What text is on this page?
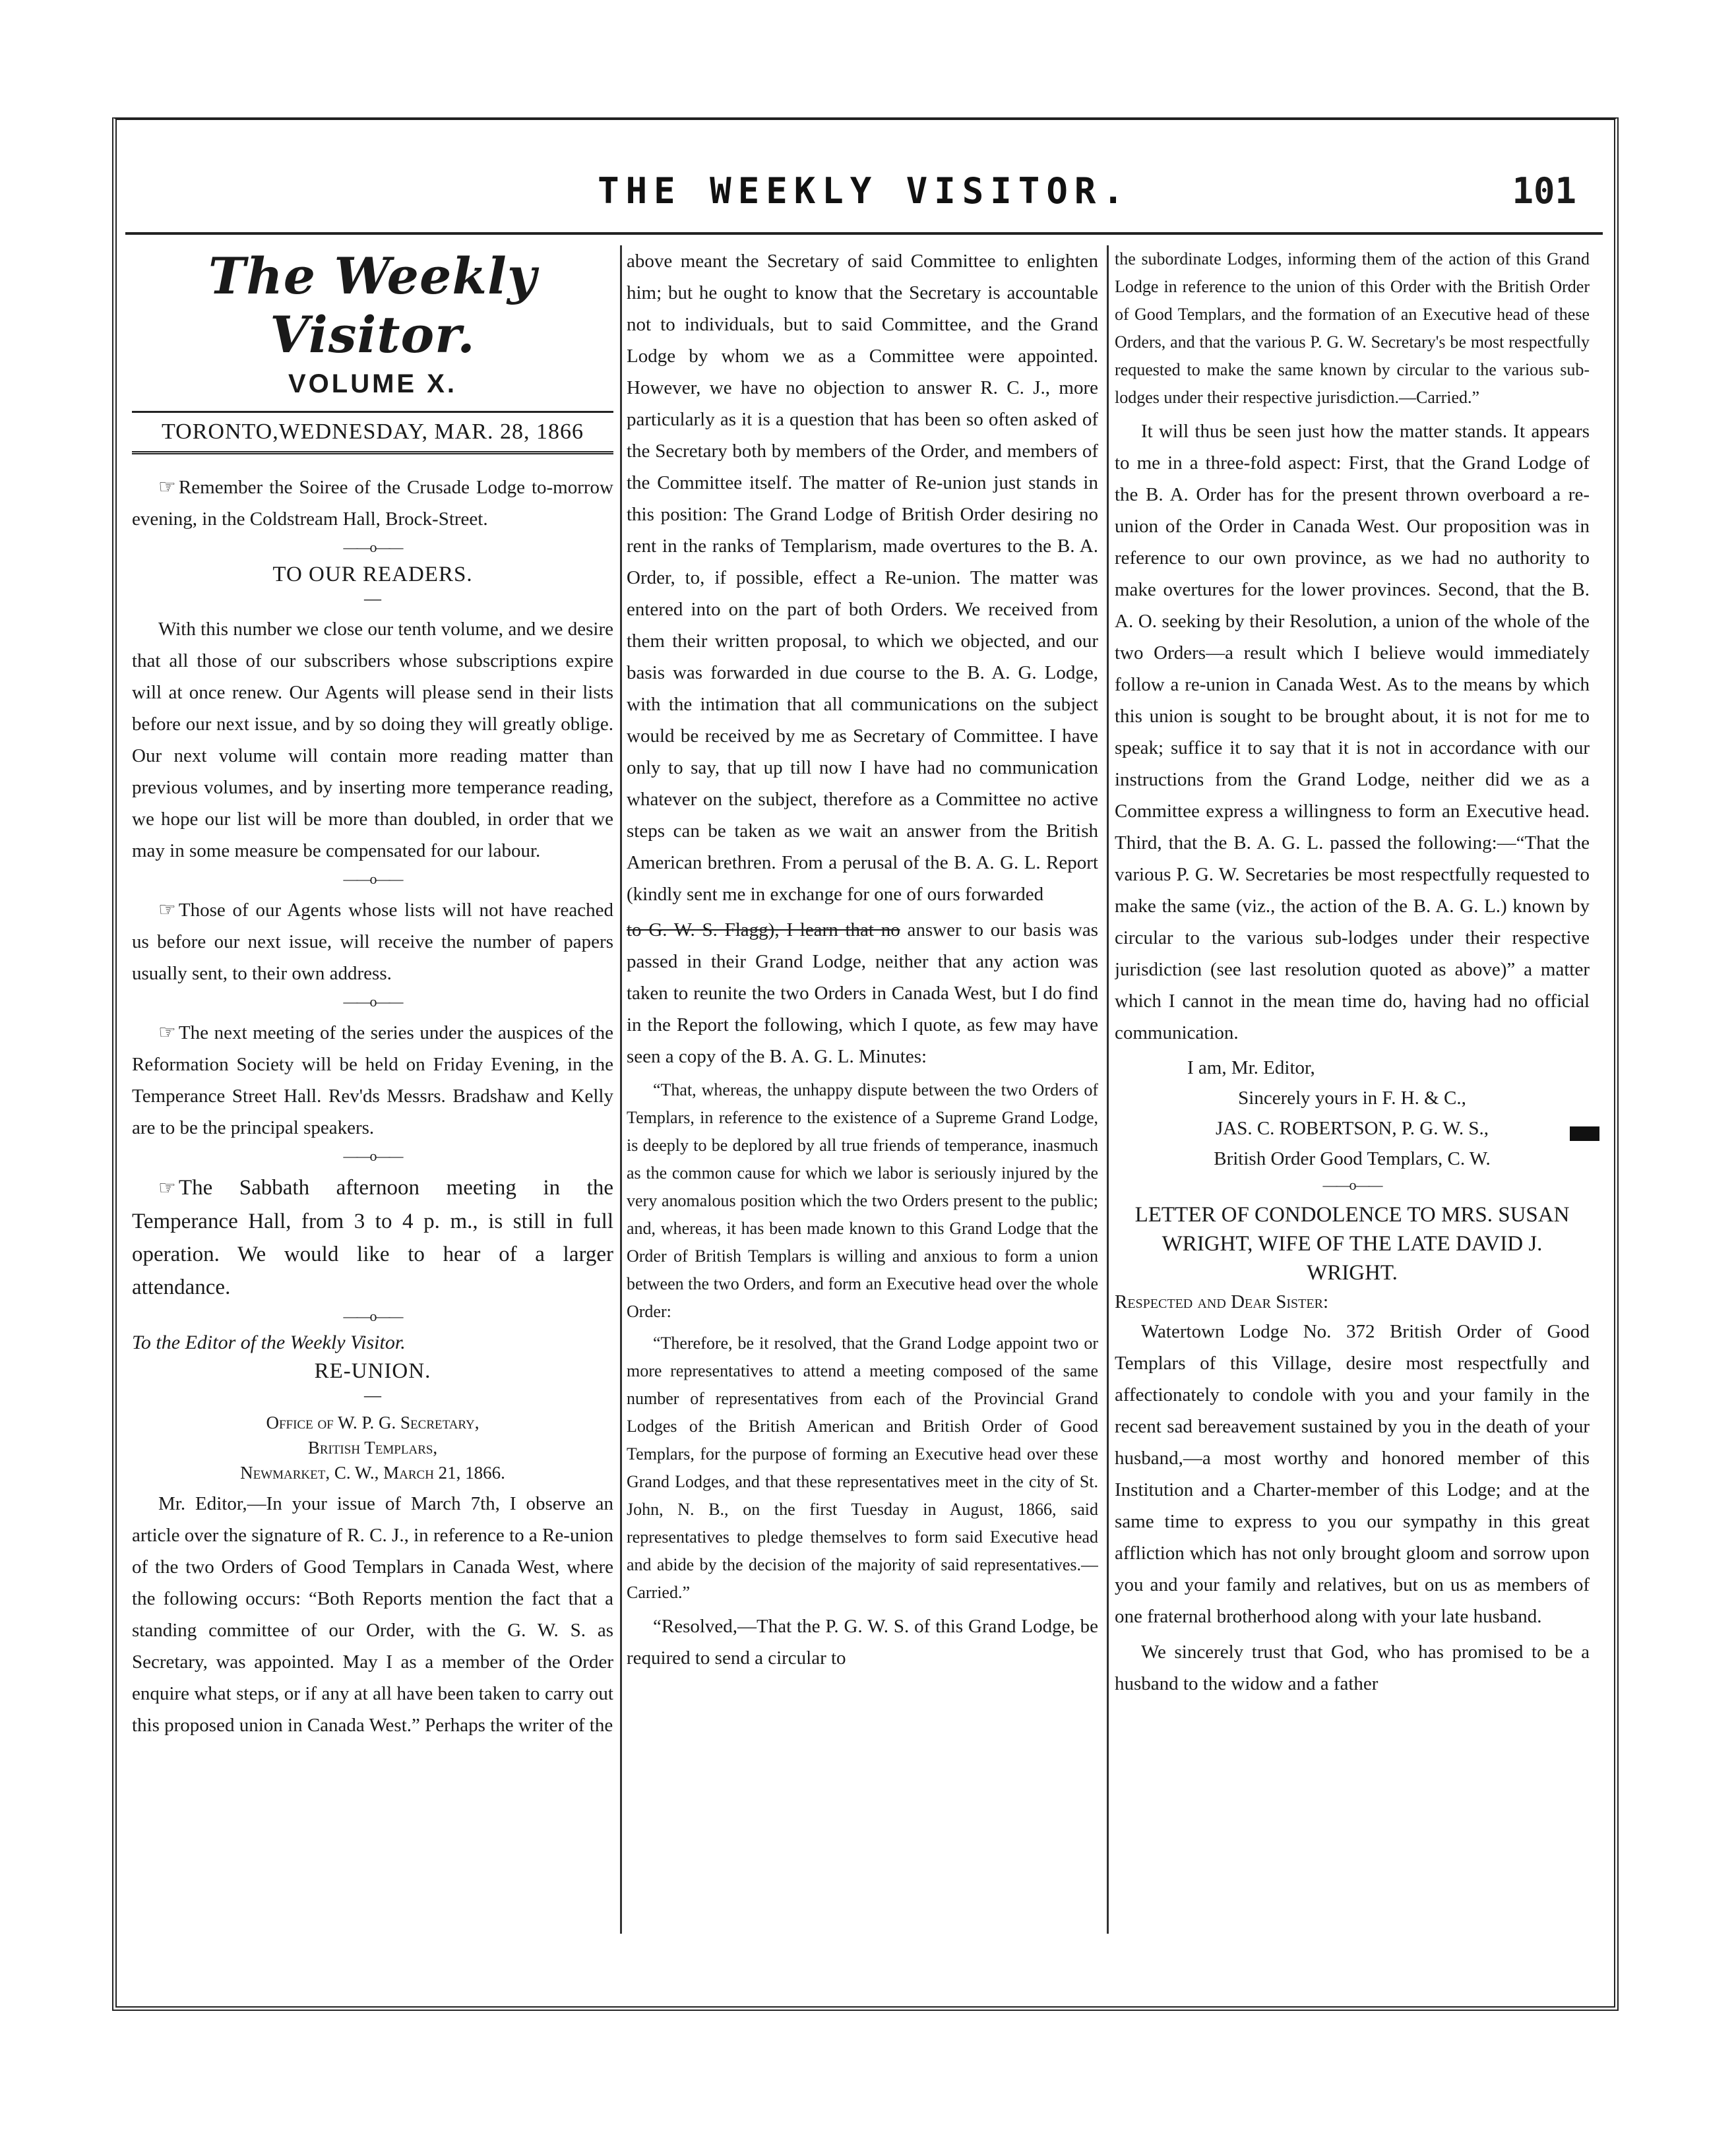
THE WEEKLY VISITOR.	101
The Weekly Visitor.
VOLUME X.
TORONTO,WEDNESDAY, MAR. 28, 1866

☞ Remember the Soiree of the Crusade Lodge to-morrow evening, in the Coldstream Hall, Brock-Street.

——o——
TO OUR READERS.
—

With this number we close our tenth volume, and we desire that all those of our subscribers whose subscriptions expire will at once renew. Our Agents will please send in their lists before our next issue, and by so doing they will greatly oblige. Our next volume will contain more reading matter than previous volumes, and by inserting more temperance reading, we hope our list will be more than doubled, in order that we may in some measure be compensated for our labour.

——o——

☞ Those of our Agents whose lists will not have reached us before our next issue, will receive the number of papers usually sent, to their own address.

——o——

☞ The next meeting of the series under the auspices of the Reformation Society will be held on Friday Evening, in the Temperance Street Hall. Rev'ds Messrs. Bradshaw and Kelly are to be the principal speakers.

——o——

☞ The Sabbath afternoon meeting in the Temperance Hall, from 3 to 4 p. m., is still in full operation. We would like to hear of a larger attendance.

——o——
To the Editor of the Weekly Visitor.
RE-UNION.
—
Office of W. P. G. Secretary,
British Templars,
Newmarket, C. W., March 21, 1866.

Mr. Editor,—In your issue of March 7th, I observe an article over the signature of R. C. J., in reference to a Re-union of the two Orders of Good Templars in Canada West, where the following occurs: “Both Reports mention the fact that a standing committee of our Order, with the G. W. S. as Secretary, was appointed. May I as a member of the Order enquire what steps, or if any at all have been taken to carry out this proposed union in Canada West.” Perhaps the writer of the

above meant the Secretary of said Committee to enlighten him; but he ought to know that the Secretary is accountable not to individuals, but to said Committee, and the Grand Lodge by whom we as a Committee were appointed. However, we have no objection to answer R. C. J., more particularly as it is a question that has been so often asked of the Secretary both by members of the Order, and members of the Committee itself. The matter of Re-union just stands in this position: The Grand Lodge of British Order desiring no rent in the ranks of Templarism, made overtures to the B. A. Order, to, if possible, effect a Re-union. The matter was entered into on the part of both Orders. We received from them their written proposal, to which we objected, and our basis was forwarded in due course to the B. A. G. Lodge, with the intimation that all communications on the subject would be received by me as Secretary of Committee. I have only to say, that up till now I have had no communication whatever on the subject, therefore as a Committee no active steps can be taken as we wait an answer from the British American brethren. From a perusal of the B. A. G. L. Report (kindly sent me in exchange for one of ours forwarded

to G. W. S. Flagg), I learn that no answer to our basis was passed in their Grand Lodge, neither that any action was taken to reunite the two Orders in Canada West, but I do find in the Report the following, which I quote, as few may have seen a copy of the B. A. G. L. Minutes:

“That, whereas, the unhappy dispute between the two Orders of Templars, in reference to the existence of a Supreme Grand Lodge, is deeply to be deplored by all true friends of temperance, inasmuch as the common cause for which we labor is seriously injured by the very anomalous position which the two Orders present to the public; and, whereas, it has been made known to this Grand Lodge that the Order of British Templars is willing and anxious to form a union between the two Orders, and form an Executive head over the whole Order:

“Therefore, be it resolved, that the Grand Lodge appoint two or more representatives to attend a meeting composed of the same number of representatives from each of the Provincial Grand Lodges of the British American and British Order of Good Templars, for the purpose of forming an Executive head over these Grand Lodges, and that these representatives meet in the city of St. John, N. B., on the first Tuesday in August, 1866, said representatives to pledge themselves to form said Executive head and abide by the decision of the majority of said representatives.—Carried.”

“Resolved,—That the P. G. W. S. of this Grand Lodge, be required to send a circular to

the subordinate Lodges, informing them of the action of this Grand Lodge in reference to the union of this Order with the British Order of Good Templars, and the formation of an Executive head of these Orders, and that the various P. G. W. Secretary's be most respectfully requested to make the same known by circular to the various sub-lodges under their respective jurisdiction.—Carried.”

It will thus be seen just how the matter stands. It appears to me in a three-fold aspect: First, that the Grand Lodge of the B. A. Order has for the present thrown overboard a re-union of the Order in Canada West. Our proposition was in reference to our own province, as we had no authority to make overtures for the lower provinces. Second, that the B. A. O. seeking by their Resolution, a union of the whole of the two Orders—a result which I believe would immediately follow a re-union in Canada West. As to the means by which this union is sought to be brought about, it is not for me to speak; suffice it to say that it is not in accordance with our instructions from the Grand Lodge, neither did we as a Committee express a willingness to form an Executive head. Third, that the B. A. G. L. passed the following:—“That the various P. G. W. Secretaries be most respectfully requested to make the same (viz., the action of the B. A. G. L.) known by circular to the various sub-lodges under their respective jurisdiction (see last resolution quoted as above)” a matter which I cannot in the mean time do, having had no official communication.

I am, Mr. Editor,
Sincerely yours in F. H. & C.,
JAS. C. ROBERTSON, P. G. W. S.,
British Order Good Templars, C. W.
——o——
LETTER OF CONDOLENCE TO MRS. SUSAN WRIGHT, WIFE OF THE LATE DAVID J. WRIGHT.
Respected and Dear Sister:

Watertown Lodge No. 372 British Order of Good Templars of this Village, desire most respectfully and affectionately to condole with you and your family in the recent sad bereavement sustained by you in the death of your husband,—a most worthy and honored member of this Institution and a Charter-member of this Lodge; and at the same time to express to you our sympathy in this great affliction which has not only brought gloom and sorrow upon you and your family and relatives, but on us as members of one fraternal brotherhood along with your late husband.

We sincerely trust that God, who has promised to be a husband to the widow and a father
